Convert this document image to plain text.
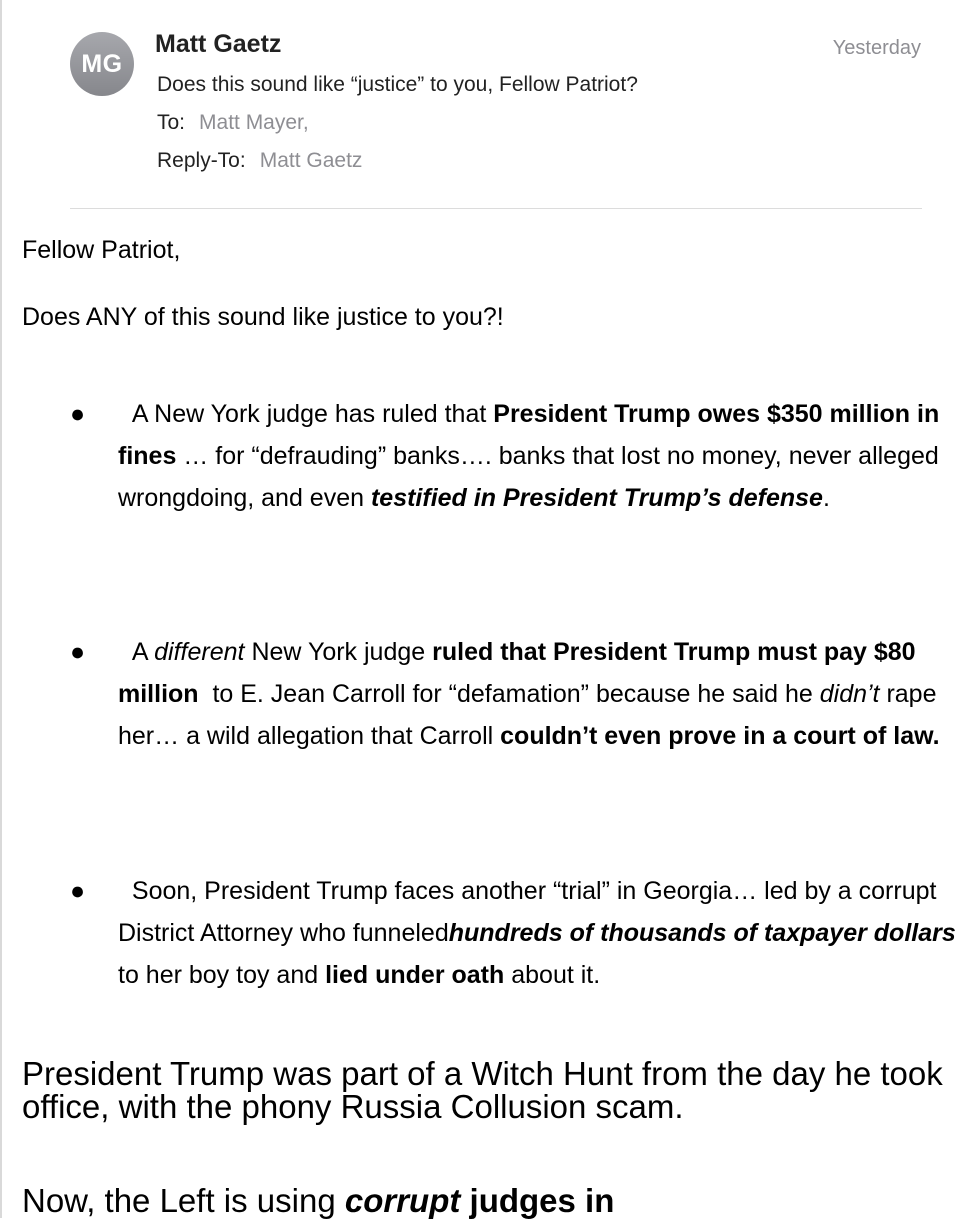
MG
Matt Gaetz	Yesterday
Does this sound like “justice” to you, Fellow Patriot?
To: Matt Mayer,
Reply-To: Matt Gaetz
Fellow Patriot,
Does ANY of this sound like justice to you?!
● A New York judge has ruled that President Trump owes $350 million in fines … for “defrauding” banks…. banks that lost no money, never alleged wrongdoing, and even testified in President Trump’s defense.
● A different New York judge ruled that President Trump must pay $80 million  to E. Jean Carroll for “defamation” because he said he didn’t rape her… a wild allegation that Carroll couldn’t even prove in a court of law.
● Soon, President Trump faces another “trial” in Georgia… led by a corrupt District Attorney who funneledhundreds of thousands of taxpayer dollars  to her boy toy and lied under oath about it.
President Trump was part of a Witch Hunt from the day he took office, with the phony Russia Collusion scam.
Now, the Left is using corrupt judges in
